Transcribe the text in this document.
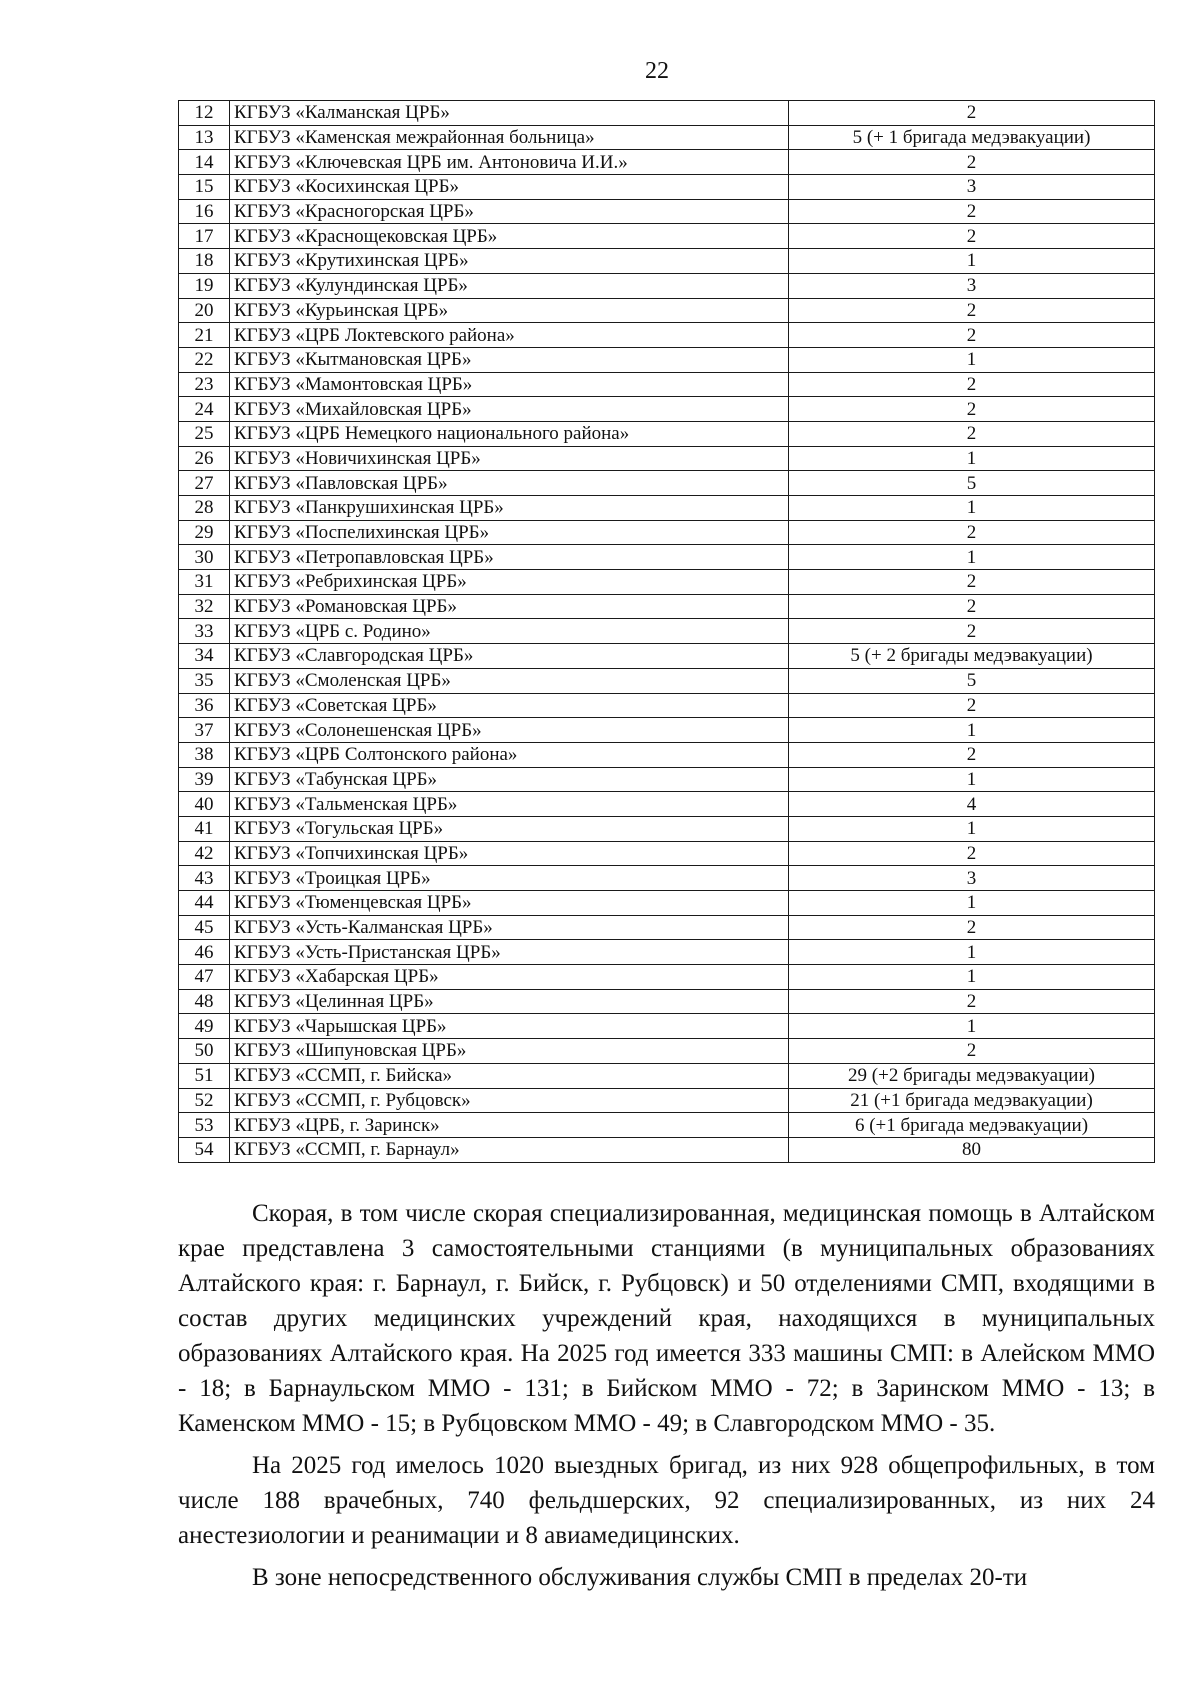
22
12	КГБУЗ «Калманская ЦРБ»	2
13	КГБУЗ «Каменская межрайонная больница»	5 (+ 1 бригада медэвакуации)
14	КГБУЗ «Ключевская ЦРБ им. Антоновича И.И.»	2
15	КГБУЗ «Косихинская ЦРБ»	3
16	КГБУЗ «Красногорская ЦРБ»	2
17	КГБУЗ «Краснощековская ЦРБ»	2
18	КГБУЗ «Крутихинская ЦРБ»	1
19	КГБУЗ «Кулундинская ЦРБ»	3
20	КГБУЗ «Курьинская ЦРБ»	2
21	КГБУЗ «ЦРБ Локтевского района»	2
22	КГБУЗ «Кытмановская ЦРБ»	1
23	КГБУЗ «Мамонтовская ЦРБ»	2
24	КГБУЗ «Михайловская ЦРБ»	2
25	КГБУЗ «ЦРБ Немецкого национального района»	2
26	КГБУЗ «Новичихинская ЦРБ»	1
27	КГБУЗ «Павловская ЦРБ»	5
28	КГБУЗ «Панкрушихинская ЦРБ»	1
29	КГБУЗ «Поспелихинская ЦРБ»	2
30	КГБУЗ «Петропавловская ЦРБ»	1
31	КГБУЗ «Ребрихинская ЦРБ»	2
32	КГБУЗ «Романовская ЦРБ»	2
33	КГБУЗ «ЦРБ с. Родино»	2
34	КГБУЗ «Славгородская ЦРБ»	5 (+ 2 бригады медэвакуации)
35	КГБУЗ «Смоленская ЦРБ»	5
36	КГБУЗ «Советская ЦРБ»	2
37	КГБУЗ «Солонешенская ЦРБ»	1
38	КГБУЗ «ЦРБ Солтонского района»	2
39	КГБУЗ «Табунская ЦРБ»	1
40	КГБУЗ «Тальменская ЦРБ»	4
41	КГБУЗ «Тогульская ЦРБ»	1
42	КГБУЗ «Топчихинская ЦРБ»	2
43	КГБУЗ «Троицкая ЦРБ»	3
44	КГБУЗ «Тюменцевская ЦРБ»	1
45	КГБУЗ «Усть-Калманская ЦРБ»	2
46	КГБУЗ «Усть-Пристанская ЦРБ»	1
47	КГБУЗ «Хабарская ЦРБ»	1
48	КГБУЗ «Целинная ЦРБ»	2
49	КГБУЗ «Чарышская ЦРБ»	1
50	КГБУЗ «Шипуновская ЦРБ»	2
51	КГБУЗ «ССМП, г. Бийска»	29 (+2 бригады медэвакуации)
52	КГБУЗ «ССМП, г. Рубцовск»	21 (+1 бригада медэвакуации)
53	КГБУЗ «ЦРБ, г. Заринск»	6 (+1 бригада медэвакуации)
54	КГБУЗ «ССМП, г. Барнаул»	80

Скорая, в том числе скорая специализированная, медицинская помощь в Алтайском крае представлена 3 самостоятельными станциями (в муниципальных образованиях Алтайского края: г. Барнаул, г. Бийск, г. Рубцовск) и 50 отделениями СМП, входящими в состав других медицинских учреждений края, находящихся в муниципальных образованиях Алтайского края. На 2025 год имеется 333 машины СМП: в Алейском ММО - 18; в Барнаульском ММО - 131; в Бийском ММО - 72; в Заринском ММО - 13; в Каменском ММО - 15; в Рубцовском ММО - 49; в Славгородском ММО - 35.

На 2025 год имелось 1020 выездных бригад, из них 928 общепрофильных, в том числе 188 врачебных, 740 фельдшерских, 92 специализированных, из них 24 анестезиологии и реанимации и 8 авиамедицинских.

В зоне непосредственного обслуживания службы СМП в пределах 20-ти
